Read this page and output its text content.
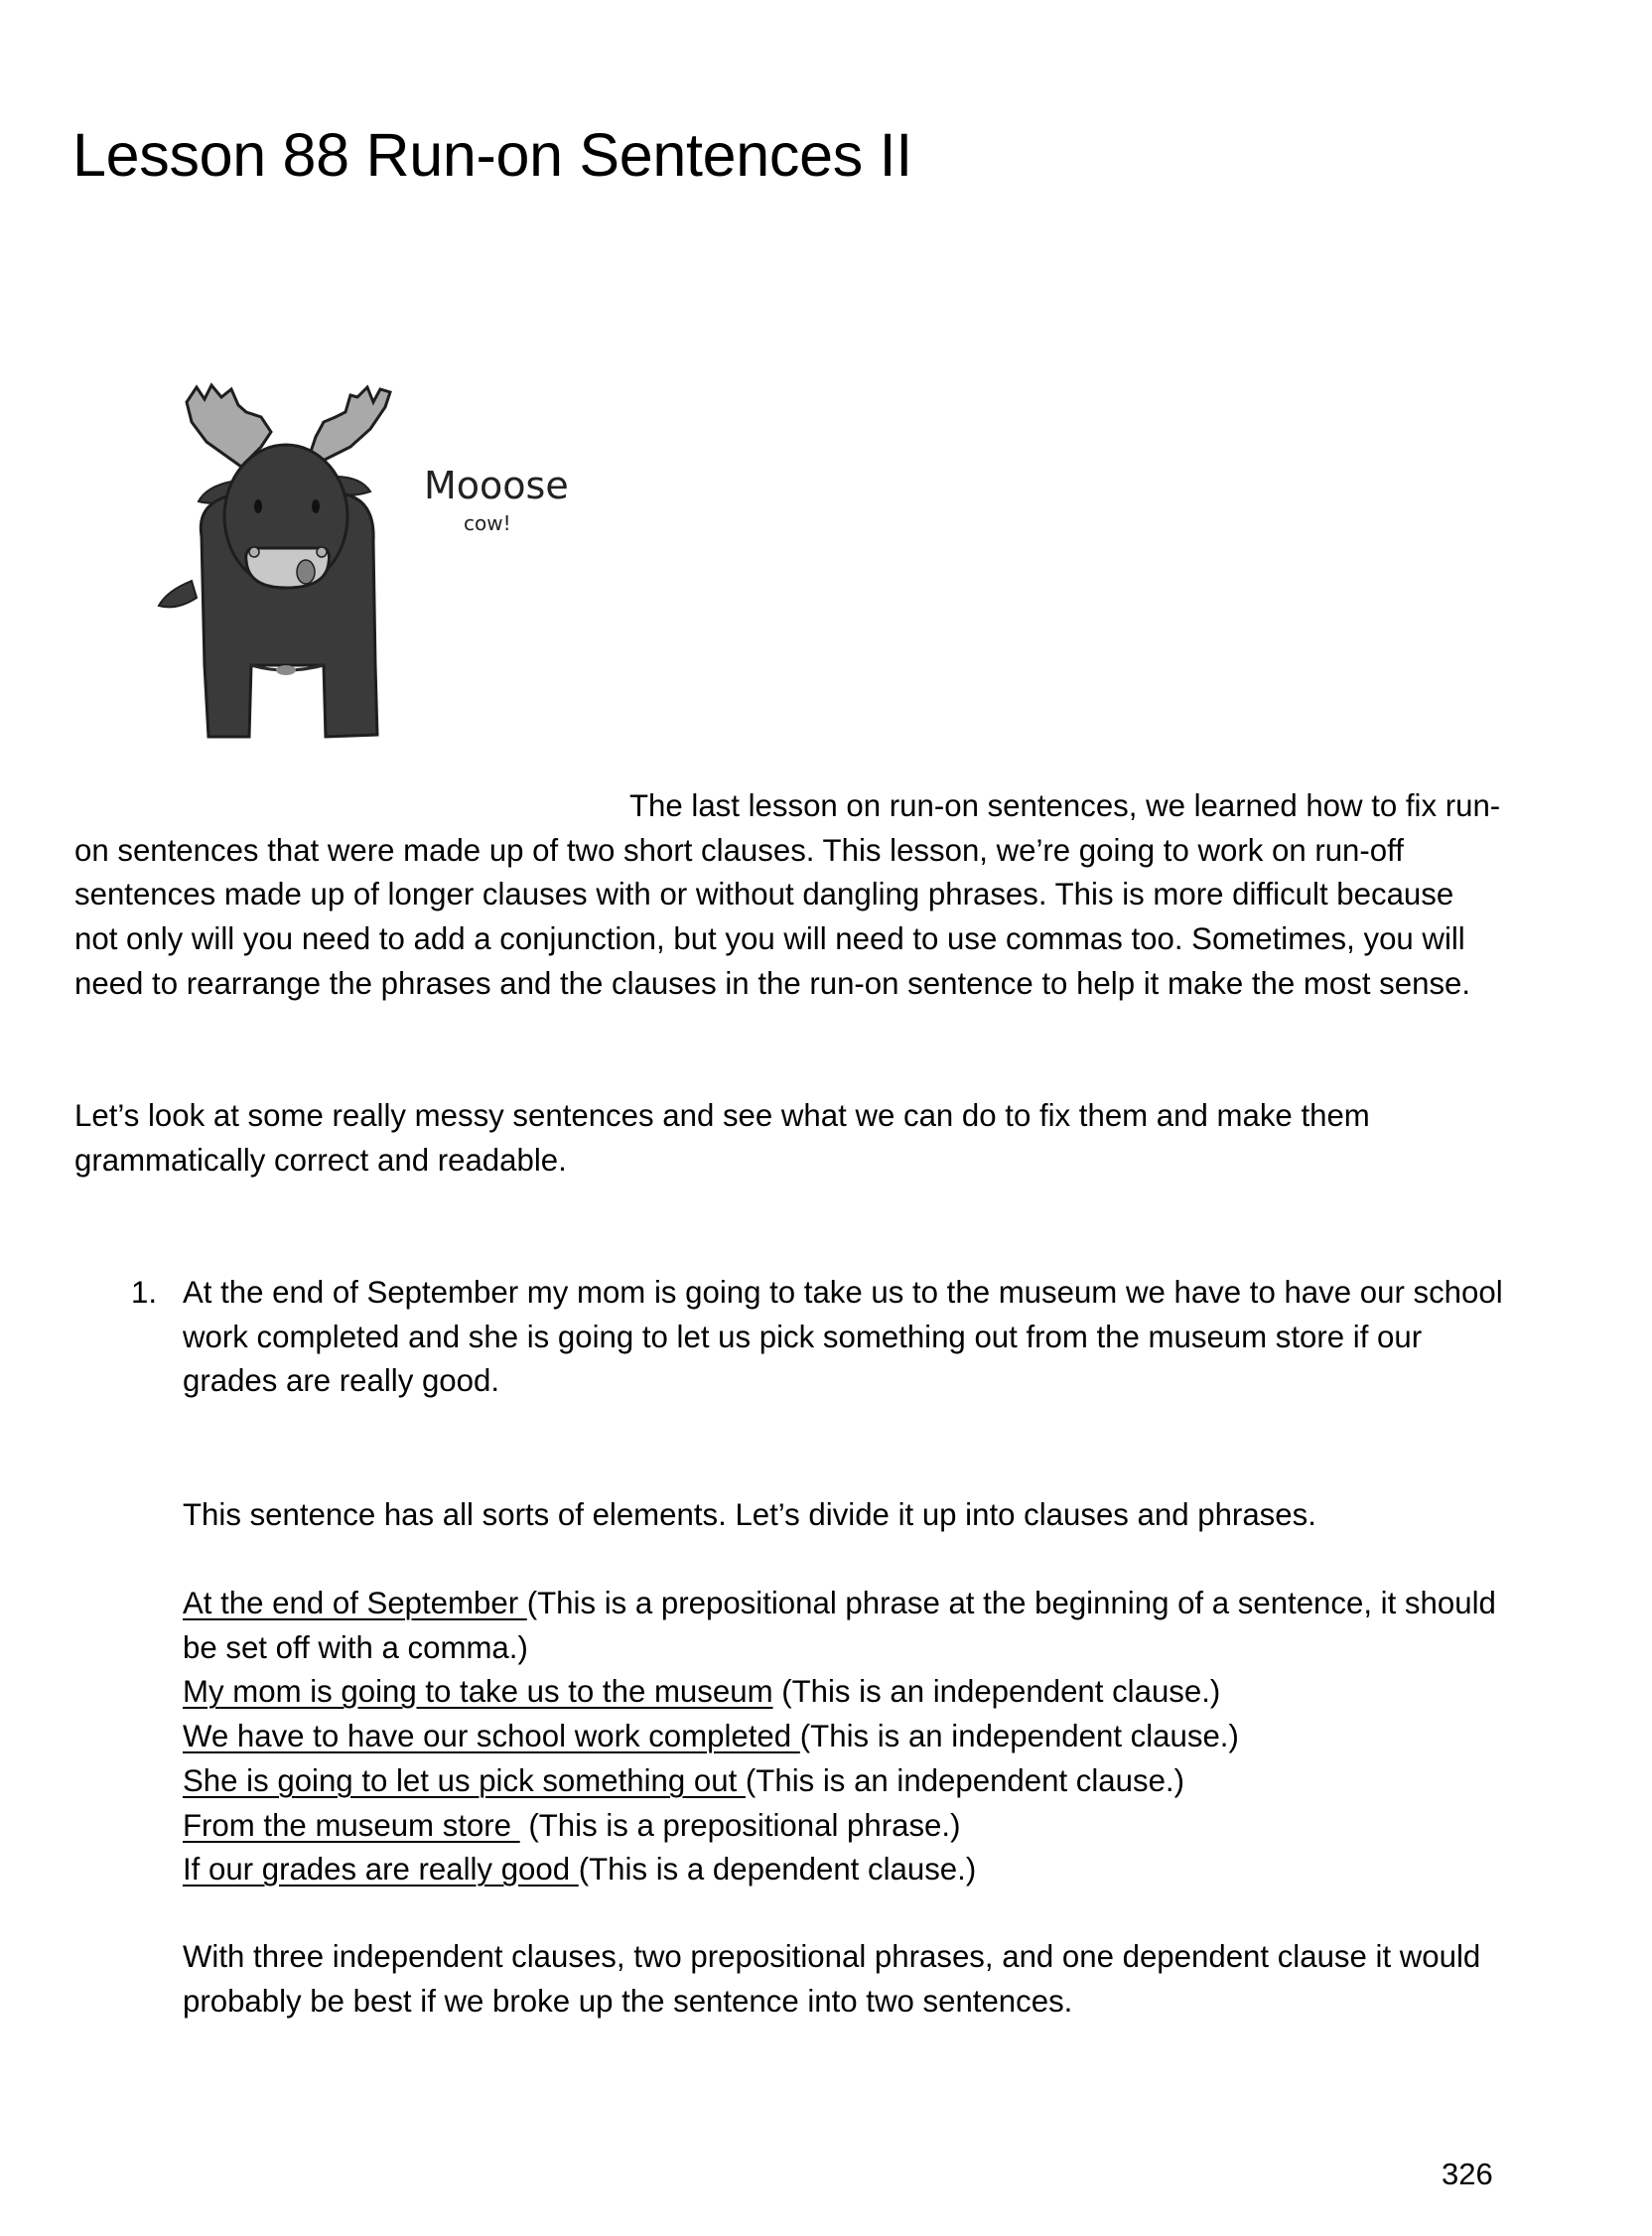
Lesson 88 Run-on Sentences II
Mooose
cow!
The last lesson on run-on sentences, we learned how to fix run-on sentences that were made up of two short clauses. This lesson, we’re going to work on run-off sentences made up of longer clauses with or without dangling phrases. This is more difficult because not only will you need to add a conjunction, but you will need to use commas too. Sometimes, you will need to rearrange the phrases and the clauses in the run-on sentence to help it make the most sense.
Let’s look at some really messy sentences and see what we can do to fix them and make them grammatically correct and readable.
1. At the end of September my mom is going to take us to the museum we have to have our school work completed and she is going to let us pick something out from the museum store if our grades are really good.
This sentence has all sorts of elements. Let’s divide it up into clauses and phrases.
At the end of September (This is a prepositional phrase at the beginning of a sentence, it should be set off with a comma.)
My mom is going to take us to the museum (This is an independent clause.)
We have to have our school work completed (This is an independent clause.)
She is going to let us pick something out (This is an independent clause.)
From the museum store  (This is a prepositional phrase.)
If our grades are really good (This is a dependent clause.)
With three independent clauses, two prepositional phrases, and one dependent clause it would probably be best if we broke up the sentence into two sentences.
326
